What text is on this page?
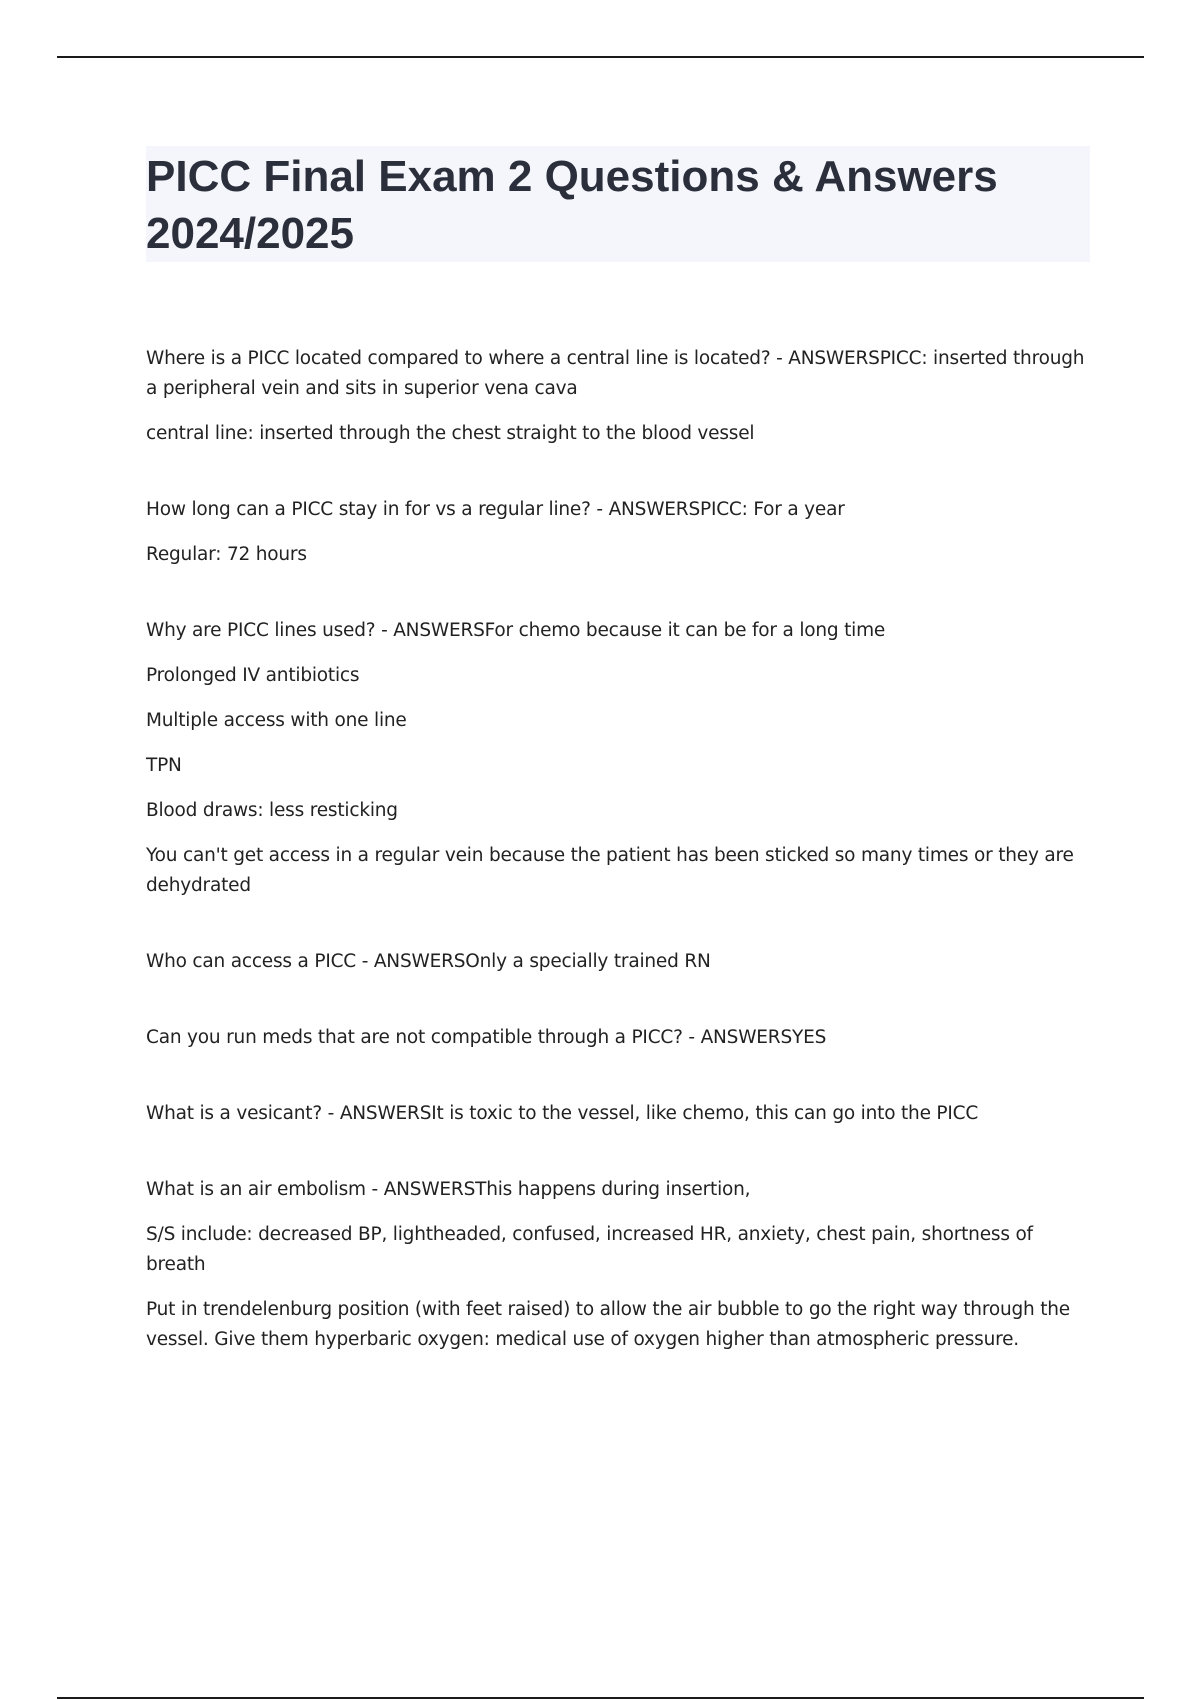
PICC Final Exam 2 Questions & Answers 2024/2025

Where is a PICC located compared to where a central line is located? - ANSWERSPICC: inserted through a peripheral vein and sits in superior vena cava

central line: inserted through the chest straight to the blood vessel

How long can a PICC stay in for vs a regular line? - ANSWERSPICC: For a year

Regular: 72 hours

Why are PICC lines used? - ANSWERSFor chemo because it can be for a long time

Prolonged IV antibiotics

Multiple access with one line

TPN

Blood draws: less resticking

You can't get access in a regular vein because the patient has been sticked so many times or they are dehydrated

Who can access a PICC - ANSWERSOnly a specially trained RN

Can you run meds that are not compatible through a PICC? - ANSWERSYES

What is a vesicant? - ANSWERSIt is toxic to the vessel, like chemo, this can go into the PICC

What is an air embolism - ANSWERSThis happens during insertion,

S/S include: decreased BP, lightheaded, confused, increased HR, anxiety, chest pain, shortness of breath

Put in trendelenburg position (with feet raised) to allow the air bubble to go the right way through the vessel. Give them hyperbaric oxygen: medical use of oxygen higher than atmospheric pressure.
